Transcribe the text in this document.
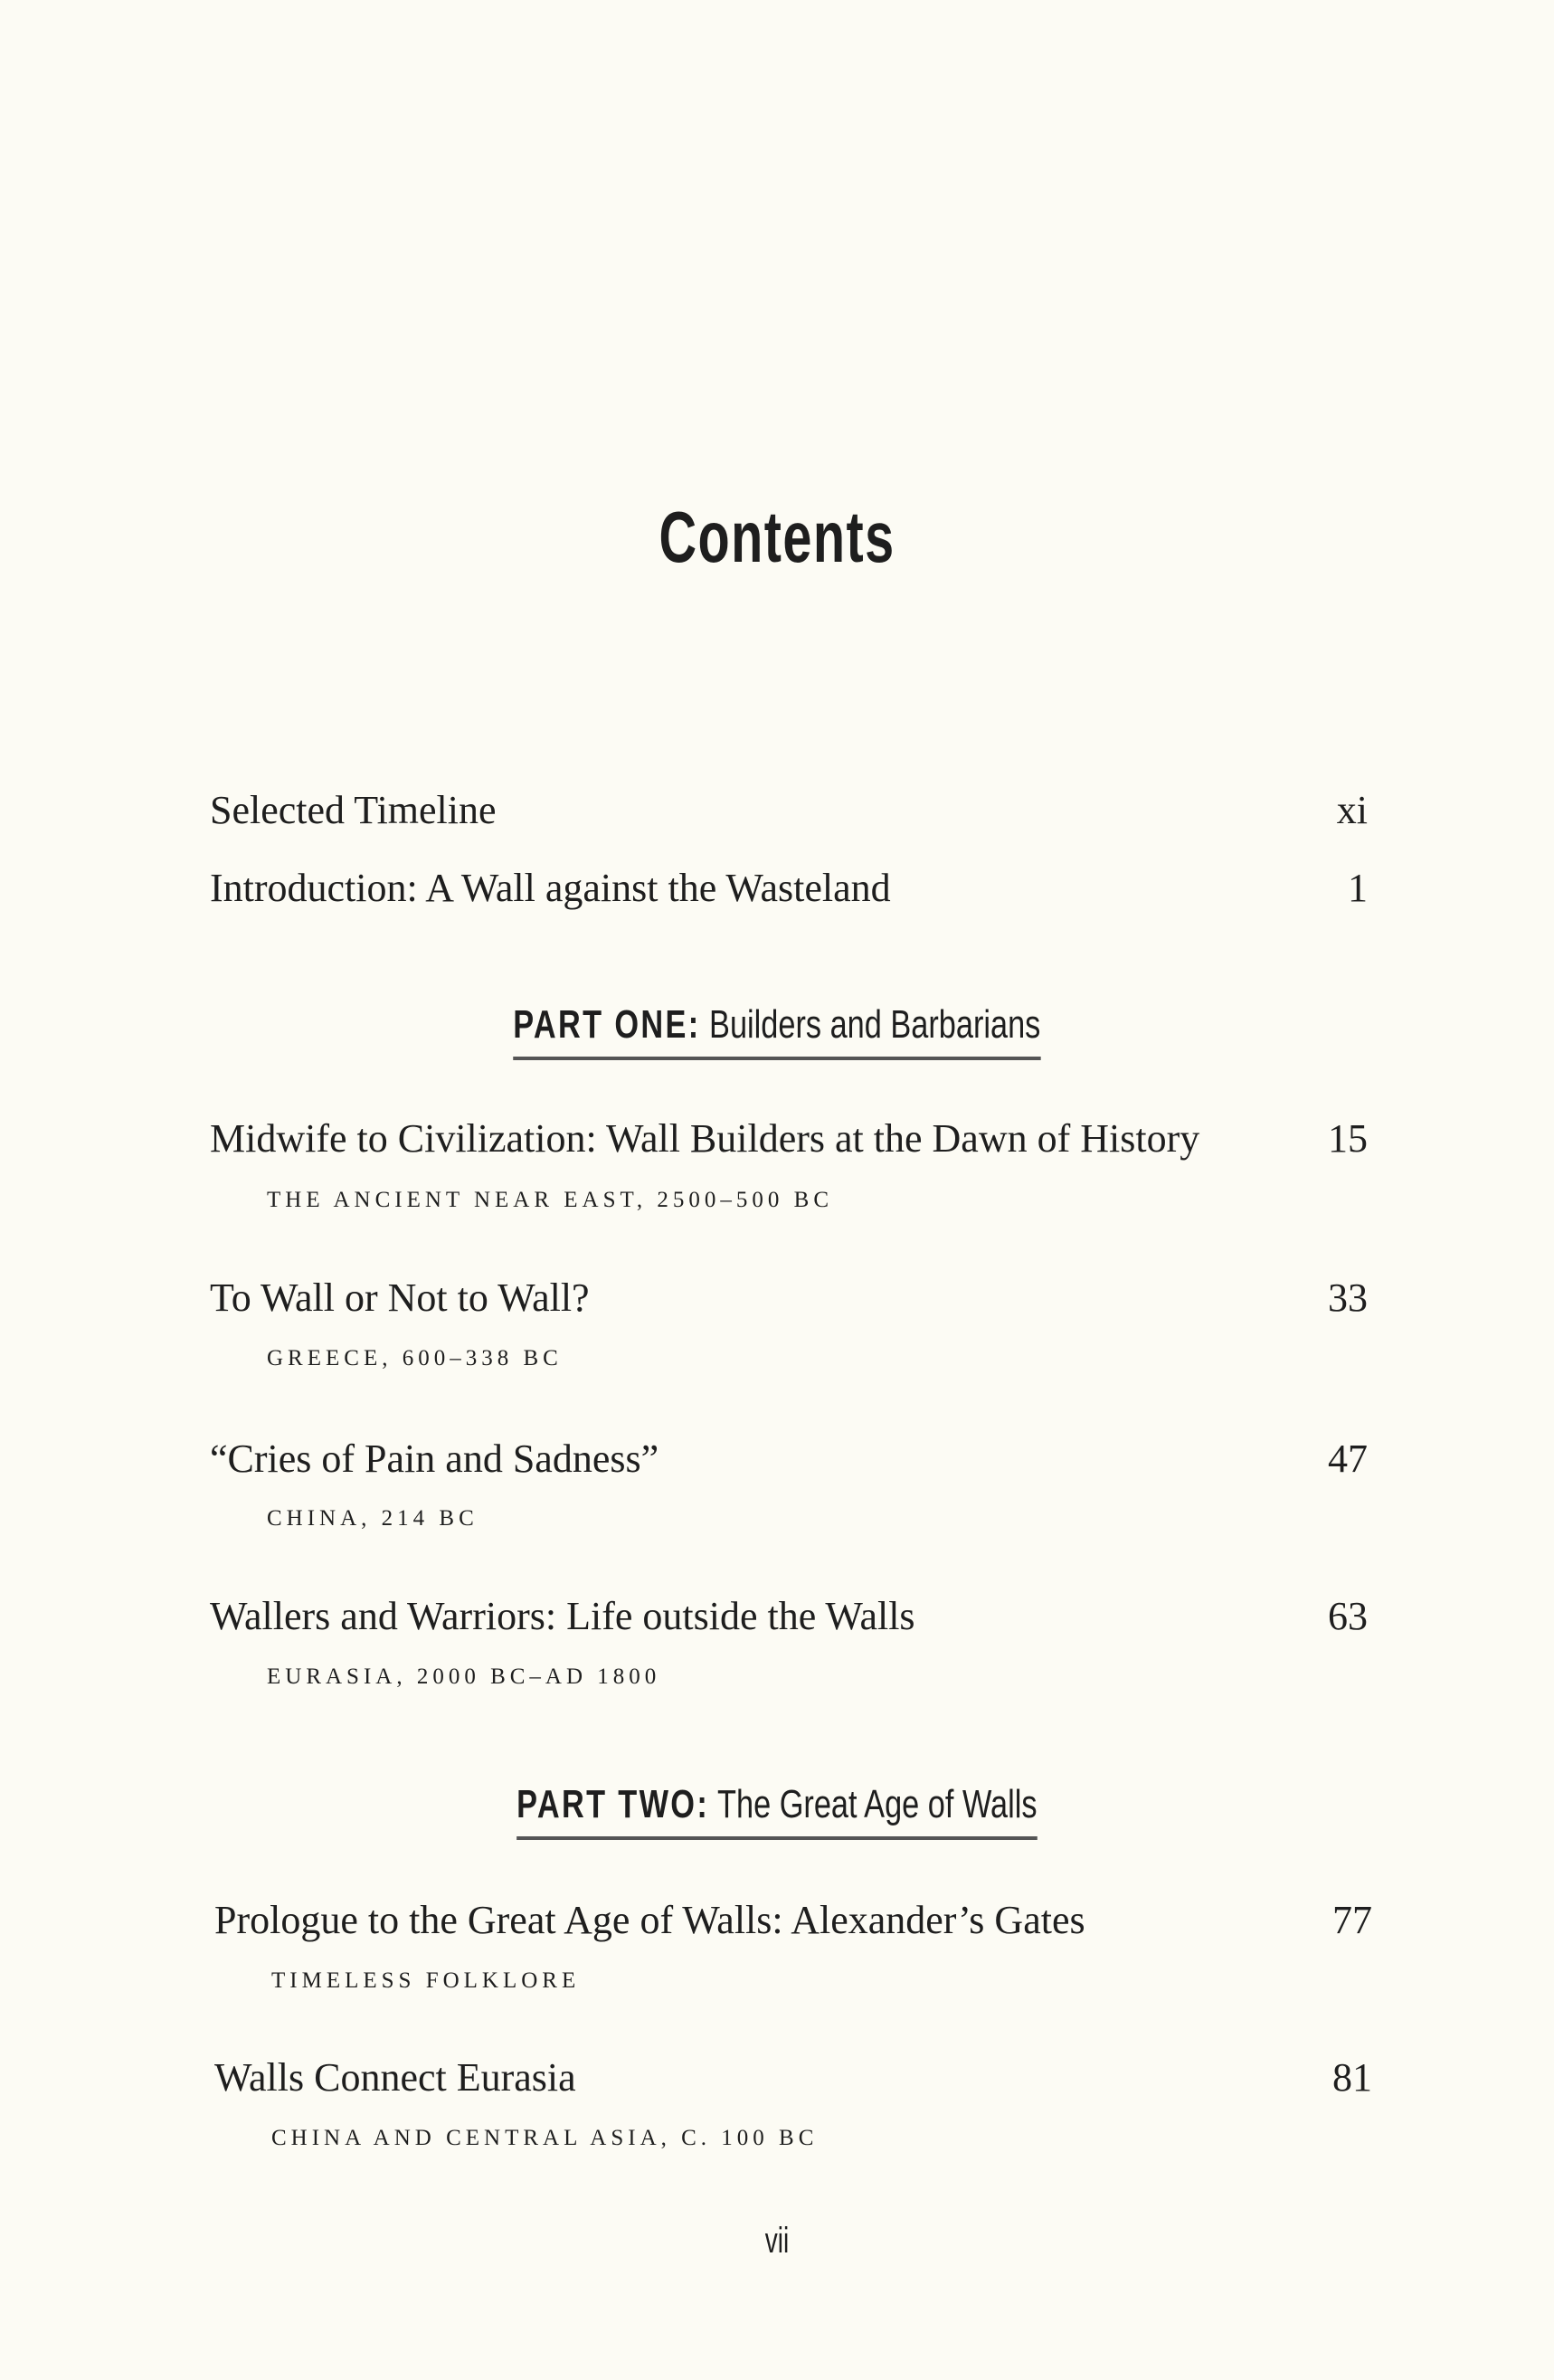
Contents
Selected Timeline	xi
Introduction: A Wall against the Wasteland	1
PART ONE: Builders and Barbarians
Midwife to Civilization: Wall Builders at the Dawn of History	15
THE ANCIENT NEAR EAST, 2500–500 BC
To Wall or Not to Wall?	33
GREECE, 600–338 BC
“Cries of Pain and Sadness”	47
CHINA, 214 BC
Wallers and Warriors: Life outside the Walls	63
EURASIA, 2000 BC–AD 1800
PART TWO: The Great Age of Walls
Prologue to the Great Age of Walls: Alexander’s Gates	77
TIMELESS FOLKLORE
Walls Connect Eurasia	81
CHINA AND CENTRAL ASIA, C. 100 BC
vii
